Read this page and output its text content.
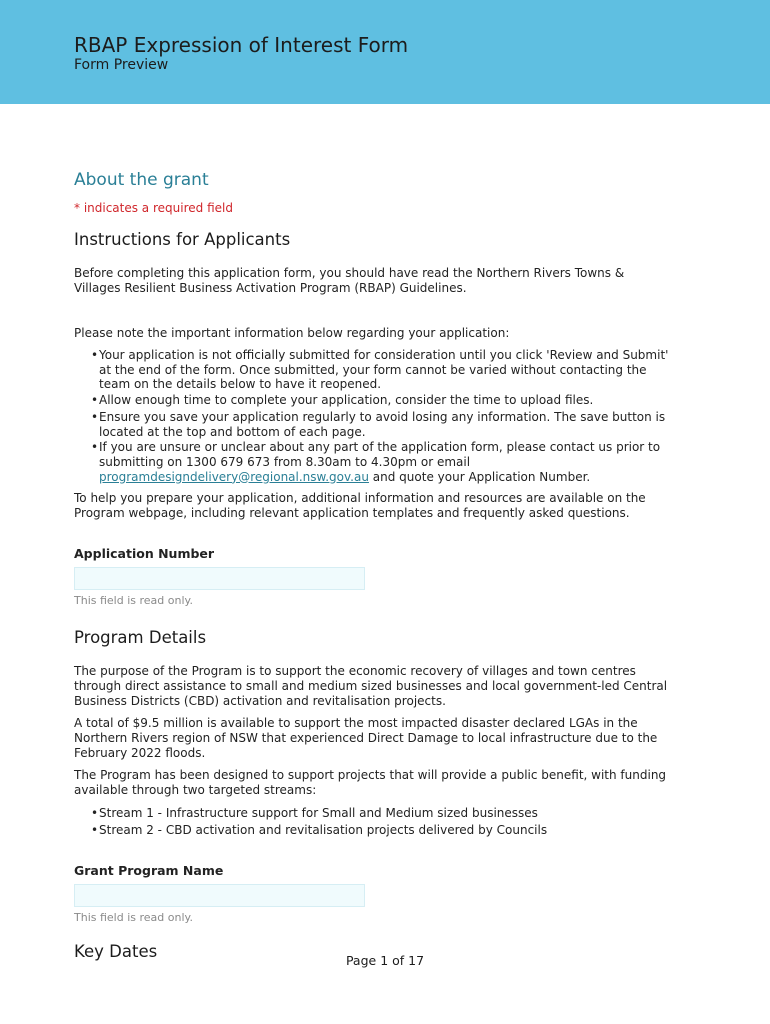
RBAP Expression of Interest Form
Form Preview
About the grant
* indicates a required field
Instructions for Applicants

Before completing this application form, you should have read the Northern Rivers Towns & Villages Resilient Business Activation Program (RBAP) Guidelines.

Please note the important information below regarding your application:

• Your application is not officially submitted for consideration until you click 'Review and Submit' at the end of the form. Once submitted, your form cannot be varied without contacting the team on the details below to have it reopened.
• Allow enough time to complete your application, consider the time to upload files.
• Ensure you save your application regularly to avoid losing any information. The save button is located at the top and bottom of each page.
• If you are unsure or unclear about any part of the application form, please contact us prior to submitting on 1300 679 673 from 8.30am to 4.30pm or email programdesigndelivery@regional.nsw.gov.au and quote your Application Number.

To help you prepare your application, additional information and resources are available on the Program webpage, including relevant application templates and frequently asked questions.

Application Number
This field is read only.
Program Details

The purpose of the Program is to support the economic recovery of villages and town centres through direct assistance to small and medium sized businesses and local government-led Central Business Districts (CBD) activation and revitalisation projects.

A total of $9.5 million is available to support the most impacted disaster declared LGAs in the Northern Rivers region of NSW that experienced Direct Damage to local infrastructure due to the February 2022 floods.

The Program has been designed to support projects that will provide a public benefit, with funding available through two targeted streams:

• Stream 1 - Infrastructure support for Small and Medium sized businesses
• Stream 2 - CBD activation and revitalisation projects delivered by Councils
Grant Program Name
This field is read only.
Key Dates	Page 1 of 17
